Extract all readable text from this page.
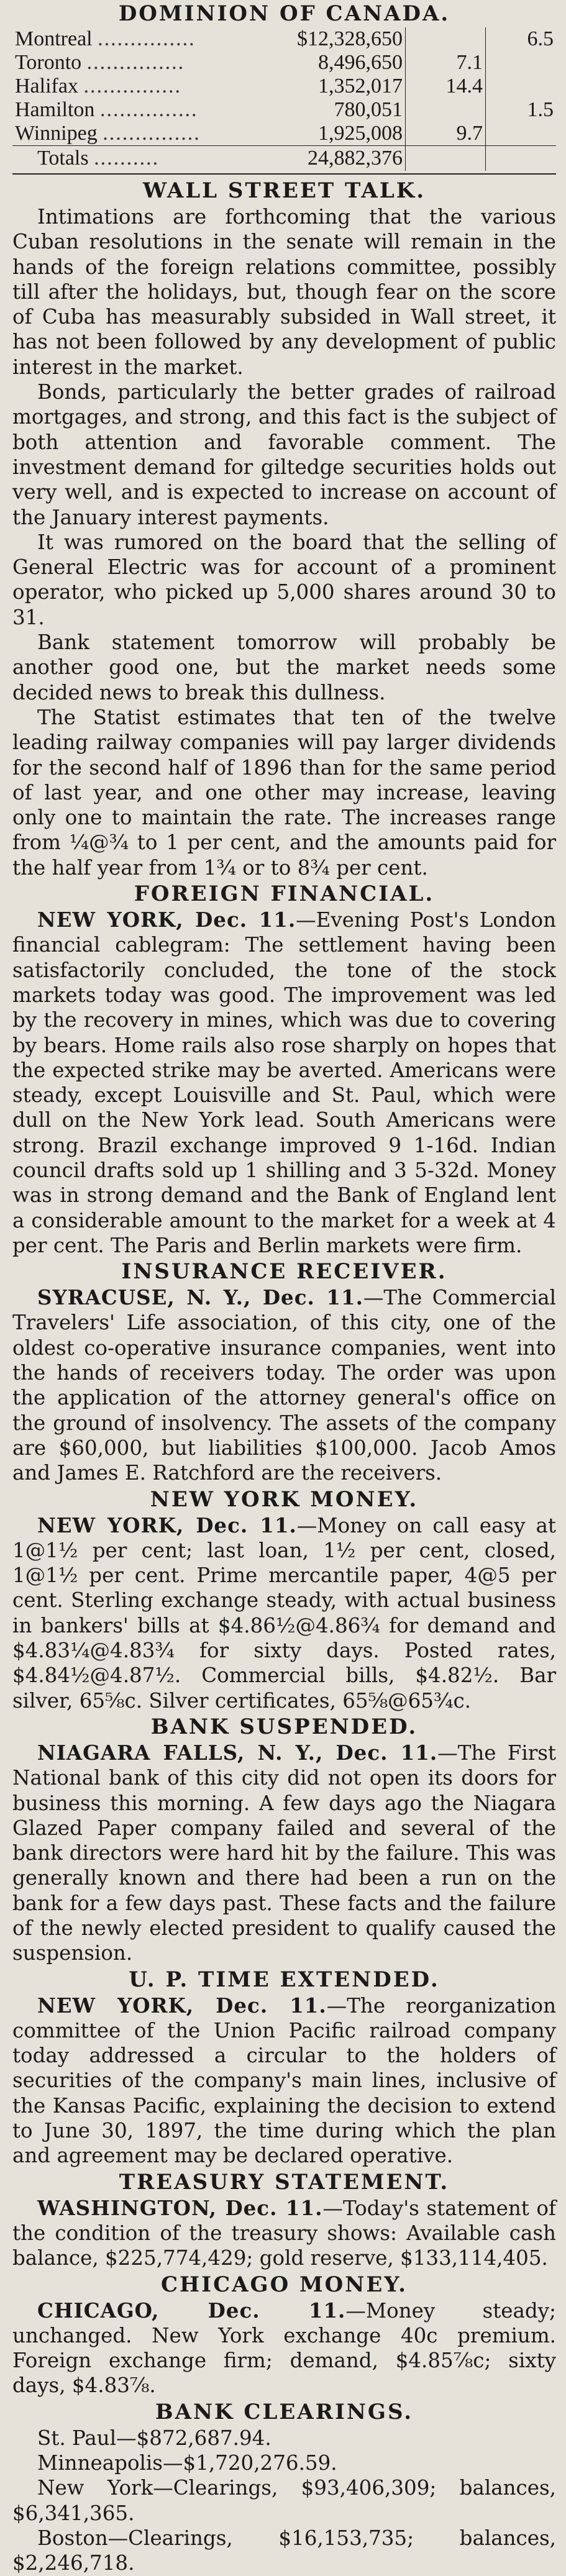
DOMINION OF CANADA.
Montreal ...............	$12,328,650		6.5
Toronto ...............	8,496,650	7.1	
Halifax ...............	1,352,017	14.4	
Hamilton ...............	780,051		1.5
Winnipeg ...............	1,925,008	9.7	
Totals ..........	24,882,376		
WALL STREET TALK.

Intimations are forthcoming that the various Cuban resolutions in the senate will remain in the hands of the foreign relations committee, possibly till after the holidays, but, though fear on the score of Cuba has measurably subsided in Wall street, it has not been followed by any development of public interest in the market.

Bonds, particularly the better grades of railroad mortgages, and strong, and this fact is the subject of both attention and favorable comment. The investment demand for giltedge securities holds out very well, and is expected to increase on account of the January interest payments.

It was rumored on the board that the selling of General Electric was for account of a prominent operator, who picked up 5,000 shares around 30 to 31.

Bank statement tomorrow will probably be another good one, but the market needs some decided news to break this dullness.

The Statist estimates that ten of the twelve leading railway companies will pay larger dividends for the second half of 1896 than for the same period of last year, and one other may increase, leaving only one to maintain the rate. The increases range from ¼@¾ to 1 per cent, and the amounts paid for the half year from 1¾ or to 8¾ per cent.

FOREIGN FINANCIAL.

NEW YORK, Dec. 11.—Evening Post's London financial cablegram: The settlement having been satisfactorily concluded, the tone of the stock markets today was good. The improvement was led by the recovery in mines, which was due to covering by bears. Home rails also rose sharply on hopes that the expected strike may be averted. Americans were steady, except Louisville and St. Paul, which were dull on the New York lead. South Americans were strong. Brazil exchange improved 9 1-16d. Indian council drafts sold up 1 shilling and 3 5-32d. Money was in strong demand and the Bank of England lent a considerable amount to the market for a week at 4 per cent. The Paris and Berlin markets were firm.

INSURANCE RECEIVER.

SYRACUSE, N. Y., Dec. 11.—The Commercial Travelers' Life association, of this city, one of the oldest co-operative insurance companies, went into the hands of receivers today. The order was upon the application of the attorney general's office on the ground of insolvency. The assets of the company are $60,000, but liabilities $100,000. Jacob Amos and James E. Ratchford are the receivers.

NEW YORK MONEY.

NEW YORK, Dec. 11.—Money on call easy at 1@1½ per cent; last loan, 1½ per cent, closed, 1@1½ per cent. Prime mercantile paper, 4@5 per cent. Sterling exchange steady, with actual business in bankers' bills at $4.86½@4.86¾ for demand and $4.83¼@4.83¾ for sixty days. Posted rates, $4.84½@4.87½. Commercial bills, $4.82½. Bar silver, 65⅝c. Silver certificates, 65⅝@65¾c.

BANK SUSPENDED.

NIAGARA FALLS, N. Y., Dec. 11.—The First National bank of this city did not open its doors for business this morning. A few days ago the Niagara Glazed Paper company failed and several of the bank directors were hard hit by the failure. This was generally known and there had been a run on the bank for a few days past. These facts and the failure of the newly elected president to qualify caused the suspension.

U. P. TIME EXTENDED.

NEW YORK, Dec. 11.—The reorganization committee of the Union Pacific railroad company today addressed a circular to the holders of securities of the company's main lines, inclusive of the Kansas Pacific, explaining the decision to extend to June 30, 1897, the time during which the plan and agreement may be declared operative.

TREASURY STATEMENT.

WASHINGTON, Dec. 11.—Today's statement of the condition of the treasury shows: Available cash balance, $225,774,429; gold reserve, $133,114,405.

CHICAGO MONEY.

CHICAGO, Dec. 11.—Money steady; unchanged. New York exchange 40c premium. Foreign exchange firm; demand, $4.85⅞c; sixty days, $4.83⅞.

BANK CLEARINGS.

St. Paul—$872,687.94.

Minneapolis—$1,720,276.59.

New York—Clearings, $93,406,309; balances, $6,341,365.

Boston—Clearings, $16,153,735; balances, $2,246,718.
